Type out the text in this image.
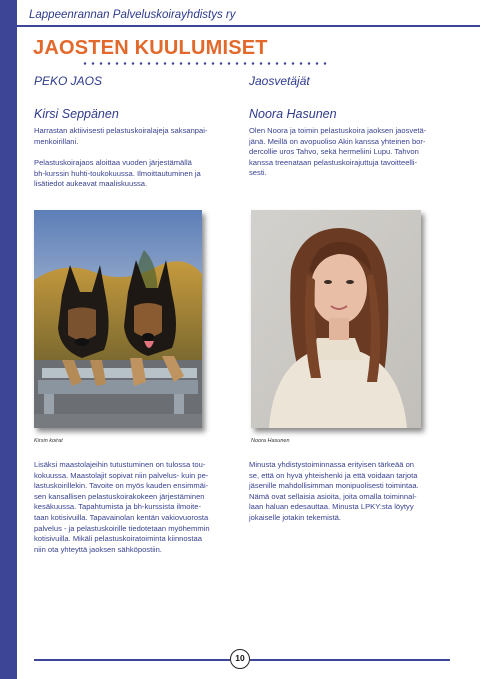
Lappeenrannan Palveluskoirayhdistys ry
JAOSTEN KUULUMISET
PEKO JAOS
Kirsi Seppänen

Harrastan aktiivisesti pelastuskoiralajeja saksanpai-
menkoirillani.

Pelastuskoirajaos aloittaa vuoden järjestämällä
bh-kurssin huhti-toukokuussa. Ilmoittautuminen ja
lisätiedot aukeavat maaliskuussa.

Kirsin koirat

Lisäksi maastolajeihin tutustuminen on tulossa tou-
kokuussa. Maastolajit sopivat niin palvelus- kuin pe-
lastuskoirillekin. Tavoite on myös kauden ensimmäi-
sen kansallisen pelastuskoirakokeen järjestäminen
kesäkuussa. Tapahtumista ja bh-kurssista ilmoite-
taan kotisivuilla. Tapavainolan kentän vakiovuorosta
palvelus - ja pelastuskoirille tiedotetaan myöhemmin
kotisivuilla. Mikäli pelastuskoiratoiminta kiinnostaa
niin ota yhteyttä jaoksen sähköpostiin.

Jaosvetäjät
Noora Hasunen

Olen Noora ja toimin pelastuskoira jaoksen jaosvetä-
jänä. Meillä on avopuoliso Akin kanssa yhteinen bor-
dercollie uros Tahvo, sekä hermeliini Lupu. Tahvon
kanssa treenataan pelastuskoirajuttuja tavoitteelli-
sesti.

Noora Hasunen

Minusta yhdistystoiminnassa erityisen tärkeää on
se, että on hyvä yhteishenki ja että voidaan tarjota
jäsenille mahdollisimman monipuolisesti toimintaa.
Nämä ovat sellaisia asioita, joita omalla toiminnal-
laan haluan edesauttaa. Minusta LPKY:sta löytyy
jokaiselle jotakin tekemistä.

10
